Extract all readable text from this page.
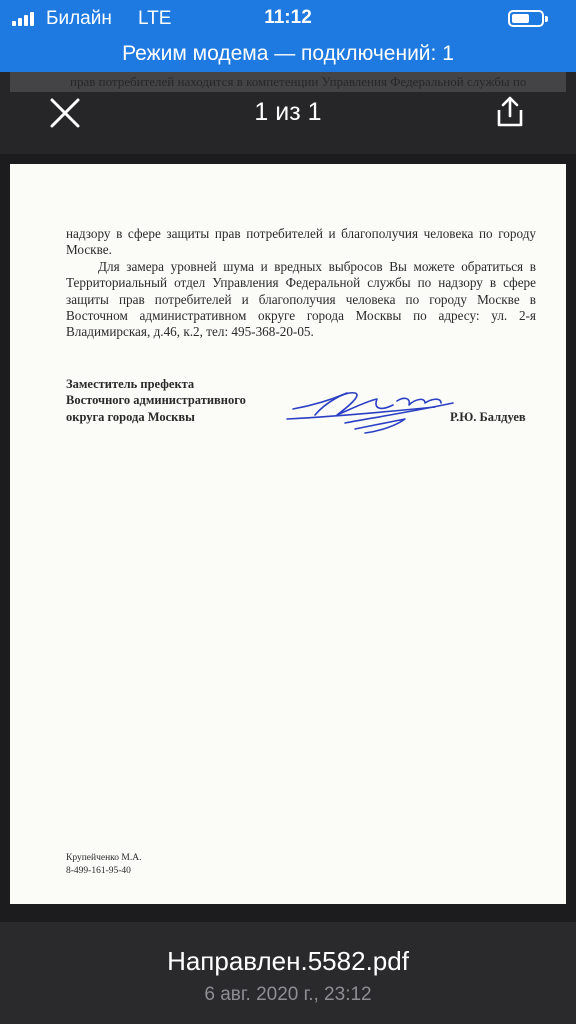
Билайн LTE	11:12
Режим модема — подключений: 1
1 из 1

надзору в сфере защиты прав потребителей и благополучия человека по городу Москве.

Для замера уровней шума и вредных выбросов Вы можете обратиться в Территориальный отдел Управления Федеральной службы по надзору в сфере защиты прав потребителей и благополучия человека по городу Москве в Восточном административном округе города Москвы по адресу: ул. 2-я Владимирская, д.46, к.2, тел: 495-368-20-05.

Заместитель префекта
Восточного административного
округа города Москвы	Р.Ю. Балдуев
Крупейченко М.А.
8-499-161-95-40
Направлен.5582.pdf
6 авг. 2020 г., 23:12
